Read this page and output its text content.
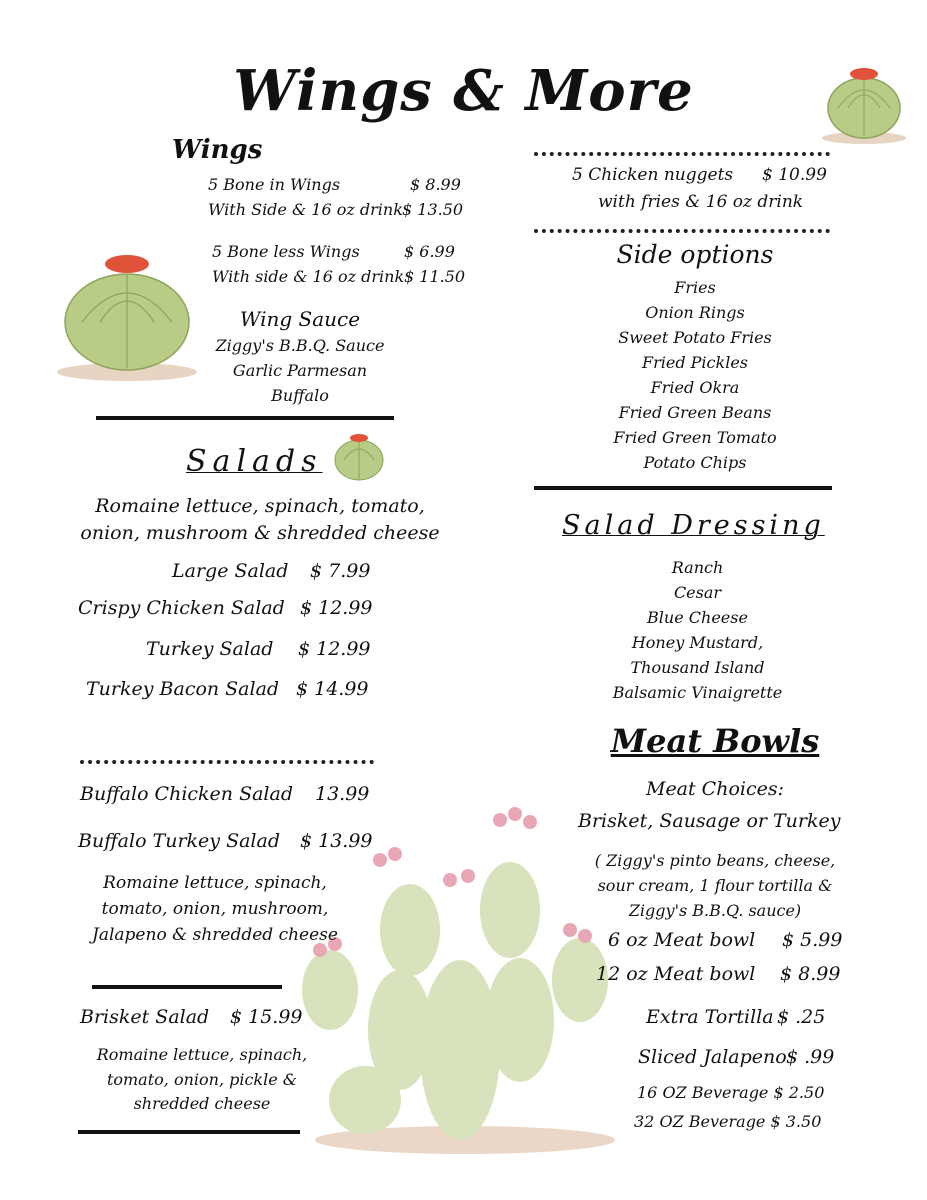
Wings & More
Wings
5 Bone in Wings	$ 8.99
With Side & 16 oz drink $ 13.50
5 Bone less Wings	$ 6.99
With side & 16 oz drink $ 11.50
Wing Sauce
Ziggy's B.B.Q. Sauce
Garlic Parmesan
Buffalo
Salads
Romaine lettuce, spinach, tomato,
onion, mushroom & shredded cheese
Large Salad $ 7.99
Crispy Chicken Salad $ 12.99
Turkey Salad $ 12.99
Turkey Bacon Salad $ 14.99
Buffalo Chicken Salad 13.99
Buffalo Turkey Salad $ 13.99
Romaine lettuce, spinach,
tomato, onion, mushroom,
Jalapeno & shredded cheese
Brisket Salad $ 15.99
Romaine lettuce, spinach,
tomato, onion, pickle &
shredded cheese
5 Chicken nuggets $ 10.99
with fries & 16 oz drink
Side options
Fries
Onion Rings
Sweet Potato Fries
Fried Pickles
Fried Okra
Fried Green Beans
Fried Green Tomato
Potato Chips
Salad Dressing
Ranch
Cesar
Blue Cheese
Honey Mustard,
Thousand Island
Balsamic Vinaigrette
Meat Bowls
Meat Choices:
Brisket, Sausage or Turkey
( Ziggy's pinto beans, cheese,
sour cream, 1 flour tortilla &
Ziggy's B.B.Q. sauce)
6 oz Meat bowl $ 5.99
12 oz Meat bowl $ 8.99
Extra Tortilla $ .25
Sliced Jalapeno $ .99
16 OZ Beverage $ 2.50
32 OZ Beverage $ 3.50
